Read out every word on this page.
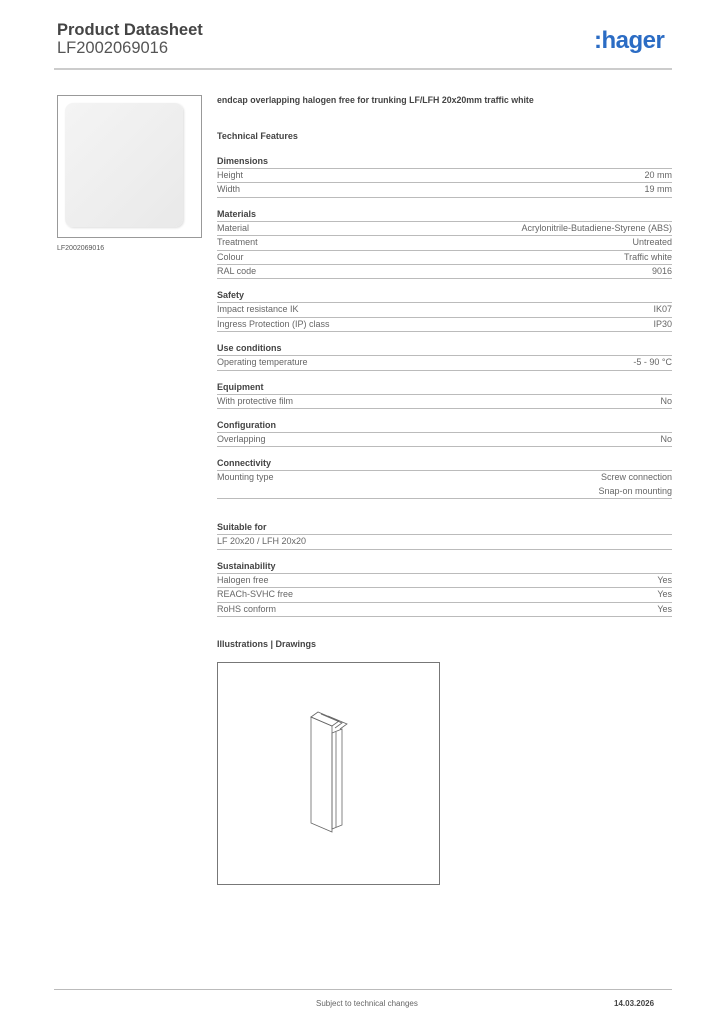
Product Datasheet
LF2002069016	:hager
LF2002069016
endcap overlapping halogen free for trunking LF/LFH 20x20mm traffic white
Technical Features
Dimensions
Height	20 mm
Width	19 mm
Materials
Material	Acrylonitrile-Butadiene-Styrene (ABS)
Treatment	Untreated
Colour	Traffic white
RAL code	9016
Safety
Impact resistance IK	IK07
Ingress Protection (IP) class	IP30
Use conditions
Operating temperature	-5 - 90 °C
Equipment
With protective film	No
Configuration
Overlapping	No
Connectivity
Mounting type	Screw connection
Snap-on mounting
Suitable for
LF 20x20 / LFH 20x20
Sustainability
Halogen free	Yes
REACh-SVHC free	Yes
RoHS conform	Yes
Illustrations | Drawings
Subject to technical changes	14.03.2026
